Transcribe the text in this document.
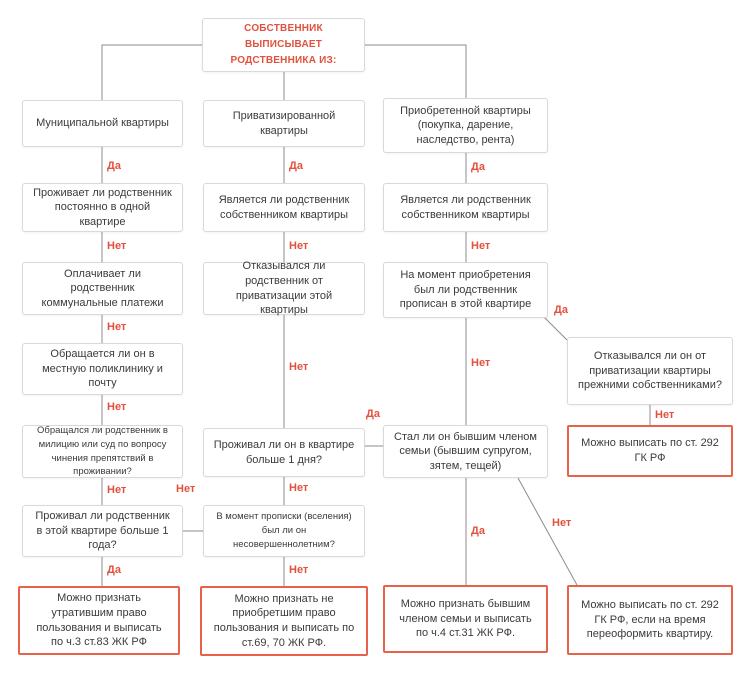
СОБСТВЕННИК ВЫПИСЫВАЕТ РОДСТВЕННИКА ИЗ:
Муниципальной квартиры
Приватизированной квартиры
Приобретенной квартиры (покупка, дарение, наследство, рента)
Проживает ли родственник постоянно в одной квартире
Является ли родственник собственником квартиры
Является ли родственник собственником квартиры
Оплачивает ли родственник коммунальные платежи
Отказывался ли родственник от приватизации этой квартиры
На момент приобретения был ли родственник прописан в этой квартире
Обращается ли он в местную поликлинику и почту
Отказывался ли он от приватизации квартиры прежними собственниками?
Обращался ли родственник в милицию или суд по вопросу чинения препятствий в проживании?
Проживал ли он в квартире больше 1 дня?
Стал ли он бывшим членом семьи (бывшим супругом, зятем, тещей)
Можно выписать по ст. 292 ГК РФ
Проживал ли родственник в этой квартире больше 1 года?
В момент прописки (вселения) был ли он несовершеннолетним?
Можно признать утратившим право пользования и выписать по ч.3 ст.83 ЖК РФ
Можно признать не приобретшим право пользования и выписать по ст.69, 70 ЖК РФ.
Можно признать бывшим членом семьи и выписать по ч.4 ст.31 ЖК РФ.
Можно выписать по ст. 292 ГК РФ, если на время переоформить квартиру.
Да	Да	Да
Нет	Нет	Нет
Нет
Нет
Нет
Да
Нет
Нет
Нет
Нет
Да
Нет
Да
Да
Нет
Нет
